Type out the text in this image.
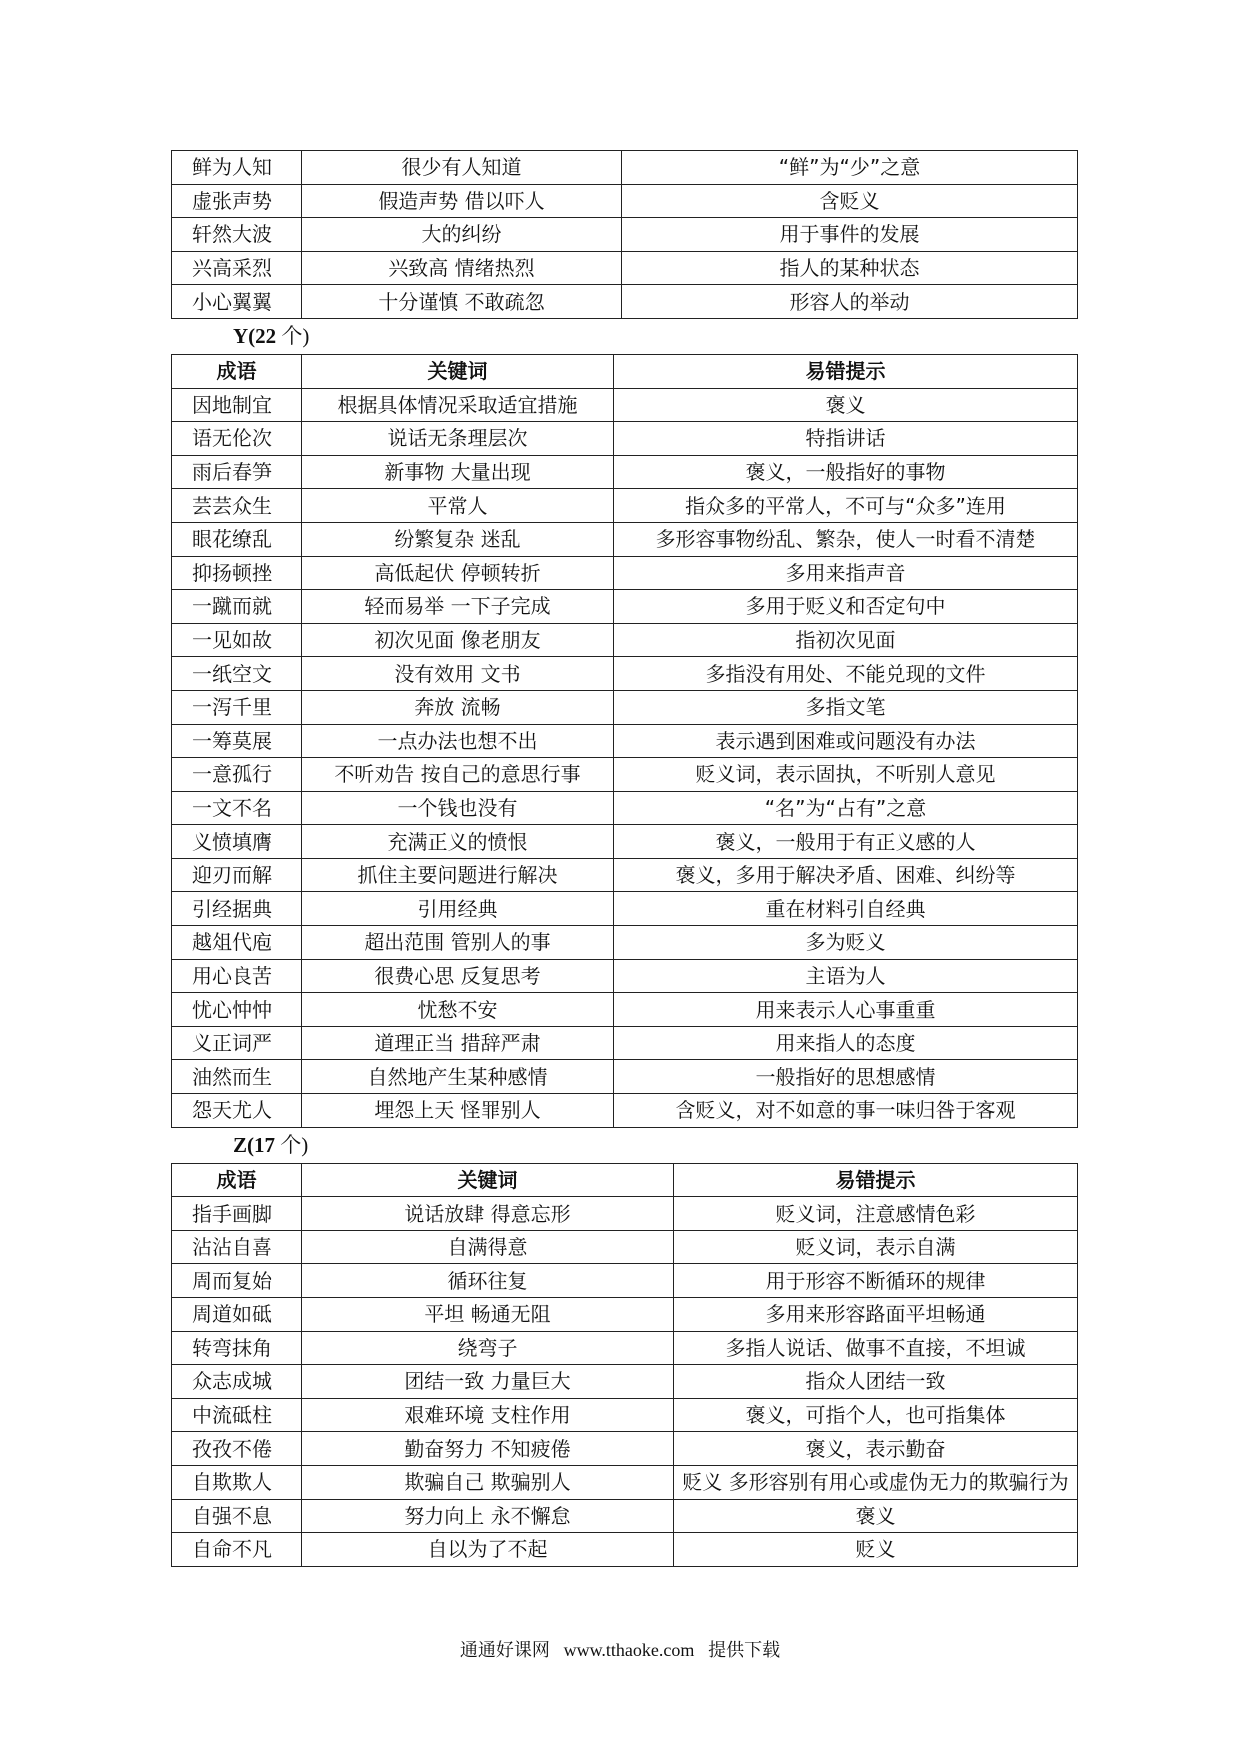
鲜为人知	很少有人知道	“鲜”为“少”之意
虚张声势	假造声势 借以吓人	含贬义
轩然大波	大的纠纷	用于事件的发展
兴高采烈	兴致高 情绪热烈	指人的某种状态
小心翼翼	十分谨慎 不敢疏忽	形容人的举动
Y(22 个)
成语	关键词	易错提示
因地制宜	根据具体情况采取适宜措施	褒义
语无伦次	说话无条理层次	特指讲话
雨后春笋	新事物 大量出现	褒义，一般指好的事物
芸芸众生	平常人	指众多的平常人，不可与“众多”连用
眼花缭乱	纷繁复杂 迷乱	多形容事物纷乱、繁杂，使人一时看不清楚
抑扬顿挫	高低起伏 停顿转折	多用来指声音
一蹴而就	轻而易举 一下子完成	多用于贬义和否定句中
一见如故	初次见面 像老朋友	指初次见面
一纸空文	没有效用 文书	多指没有用处、不能兑现的文件
一泻千里	奔放 流畅	多指文笔
一筹莫展	一点办法也想不出	表示遇到困难或问题没有办法
一意孤行	不听劝告 按自己的意思行事	贬义词，表示固执，不听别人意见
一文不名	一个钱也没有	“名”为“占有”之意
义愤填膺	充满正义的愤恨	褒义，一般用于有正义感的人
迎刃而解	抓住主要问题进行解决	褒义，多用于解决矛盾、困难、纠纷等
引经据典	引用经典	重在材料引自经典
越俎代庖	超出范围 管别人的事	多为贬义
用心良苦	很费心思 反复思考	主语为人
忧心忡忡	忧愁不安	用来表示人心事重重
义正词严	道理正当 措辞严肃	用来指人的态度
油然而生	自然地产生某种感情	一般指好的思想感情
怨天尤人	埋怨上天 怪罪别人	含贬义，对不如意的事一味归咎于客观
Z(17 个)
成语	关键词	易错提示
指手画脚	说话放肆 得意忘形	贬义词，注意感情色彩
沾沾自喜	自满得意	贬义词，表示自满
周而复始	循环往复	用于形容不断循环的规律
周道如砥	平坦 畅通无阻	多用来形容路面平坦畅通
转弯抹角	绕弯子	多指人说话、做事不直接，不坦诚
众志成城	团结一致 力量巨大	指众人团结一致
中流砥柱	艰难环境 支柱作用	褒义，可指个人，也可指集体
孜孜不倦	勤奋努力 不知疲倦	褒义，表示勤奋
自欺欺人	欺骗自己 欺骗别人	贬义 多形容别有用心或虚伪无力的欺骗行为
自强不息	努力向上 永不懈怠	褒义
自命不凡	自以为了不起	贬义
通通好课网 www.tthaoke.com 提供下载
